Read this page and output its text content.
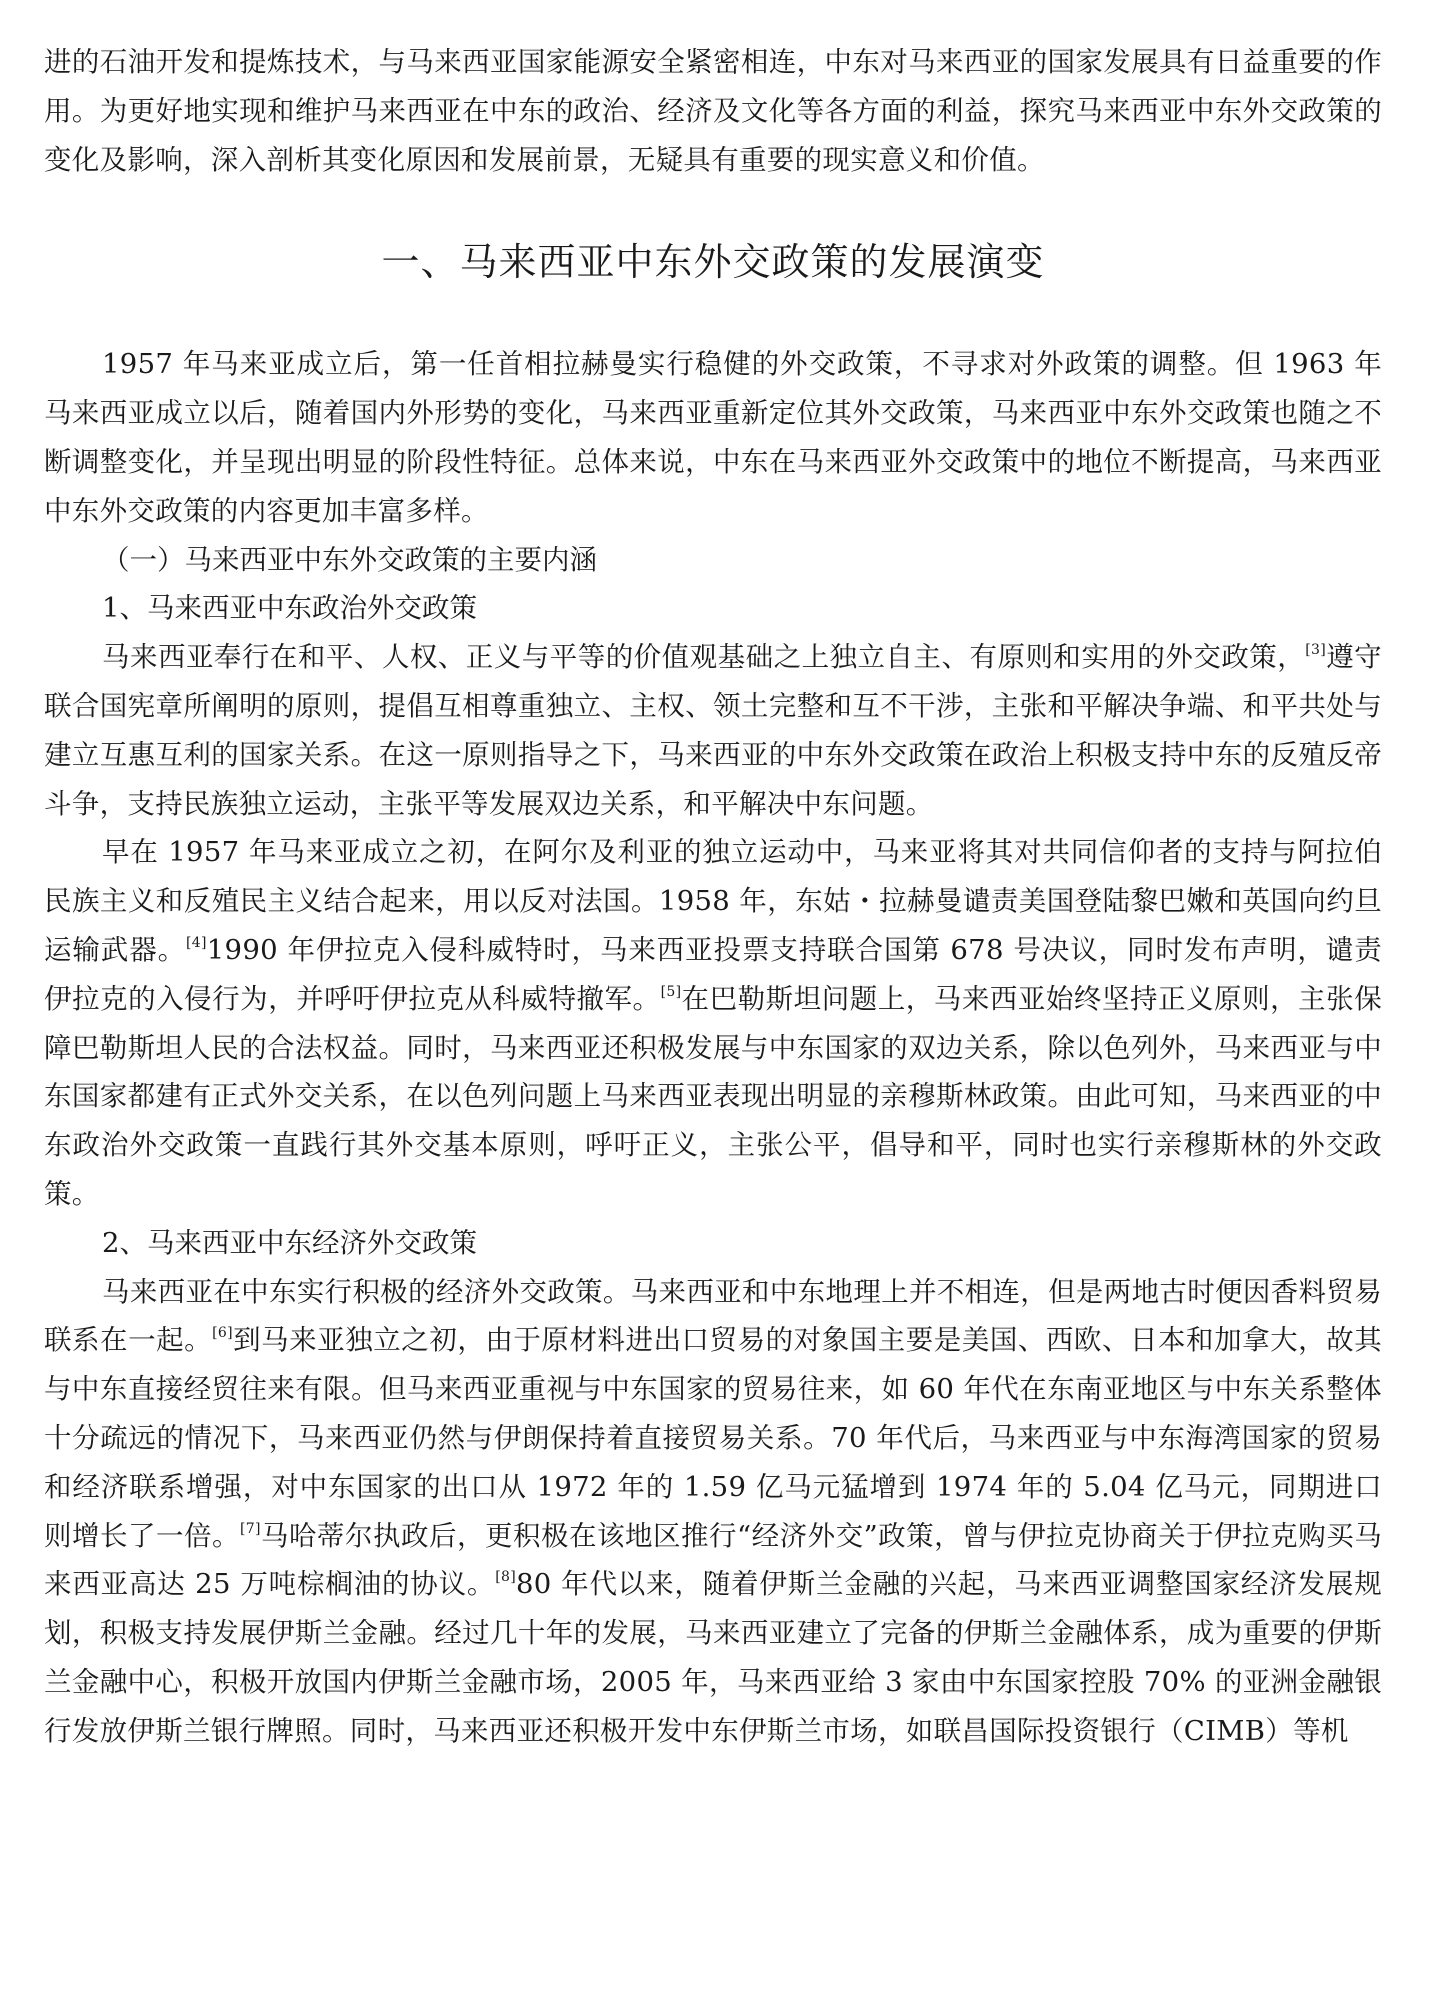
进的石油开发和提炼技术，与马来西亚国家能源安全紧密相连，中东对马来西亚的国家发展具有日益重要的作用。为更好地实现和维护马来西亚在中东的政治、经济及文化等各方面的利益，探究马来西亚中东外交政策的变化及影响，深入剖析其变化原因和发展前景，无疑具有重要的现实意义和价值。

一、马来西亚中东外交政策的发展演变

1957 年马来亚成立后，第一任首相拉赫曼实行稳健的外交政策，不寻求对外政策的调整。但 1963 年马来西亚成立以后，随着国内外形势的变化，马来西亚重新定位其外交政策，马来西亚中东外交政策也随之不断调整变化，并呈现出明显的阶段性特征。总体来说，中东在马来西亚外交政策中的地位不断提高，马来西亚中东外交政策的内容更加丰富多样。

（一）马来西亚中东外交政策的主要内涵

1、马来西亚中东政治外交政策

马来西亚奉行在和平、人权、正义与平等的价值观基础之上独立自主、有原则和实用的外交政策，[3]遵守联合国宪章所阐明的原则，提倡互相尊重独立、主权、领土完整和互不干涉，主张和平解决争端、和平共处与建立互惠互利的国家关系。在这一原则指导之下，马来西亚的中东外交政策在政治上积极支持中东的反殖反帝斗争，支持民族独立运动，主张平等发展双边关系，和平解决中东问题。

早在 1957 年马来亚成立之初，在阿尔及利亚的独立运动中，马来亚将其对共同信仰者的支持与阿拉伯民族主义和反殖民主义结合起来，用以反对法国。1958 年，东姑・拉赫曼谴责美国登陆黎巴嫩和英国向约旦运输武器。[4]1990 年伊拉克入侵科威特时，马来西亚投票支持联合国第 678 号决议，同时发布声明，谴责伊拉克的入侵行为，并呼吁伊拉克从科威特撤军。[5]在巴勒斯坦问题上，马来西亚始终坚持正义原则，主张保障巴勒斯坦人民的合法权益。同时，马来西亚还积极发展与中东国家的双边关系，除以色列外，马来西亚与中东国家都建有正式外交关系，在以色列问题上马来西亚表现出明显的亲穆斯林政策。由此可知，马来西亚的中东政治外交政策一直践行其外交基本原则，呼吁正义，主张公平，倡导和平，同时也实行亲穆斯林的外交政策。

2、马来西亚中东经济外交政策

马来西亚在中东实行积极的经济外交政策。马来西亚和中东地理上并不相连，但是两地古时便因香料贸易联系在一起。[6]到马来亚独立之初，由于原材料进出口贸易的对象国主要是美国、西欧、日本和加拿大，故其与中东直接经贸往来有限。但马来西亚重视与中东国家的贸易往来，如 60 年代在东南亚地区与中东关系整体十分疏远的情况下，马来西亚仍然与伊朗保持着直接贸易关系。70 年代后，马来西亚与中东海湾国家的贸易和经济联系增强，对中东国家的出口从 1972 年的 1.59 亿马元猛增到 1974 年的 5.04 亿马元，同期进口则增长了一倍。[7]马哈蒂尔执政后，更积极在该地区推行“经济外交”政策，曾与伊拉克协商关于伊拉克购买马来西亚高达 25 万吨棕榈油的协议。[8]80 年代以来，随着伊斯兰金融的兴起，马来西亚调整国家经济发展规划，积极支持发展伊斯兰金融。经过几十年的发展，马来西亚建立了完备的伊斯兰金融体系，成为重要的伊斯兰金融中心，积极开放国内伊斯兰金融市场，2005 年，马来西亚给 3 家由中东国家控股 70% 的亚洲金融银行发放伊斯兰银行牌照。同时，马来西亚还积极开发中东伊斯兰市场，如联昌国际投资银行（CIMB）等机
